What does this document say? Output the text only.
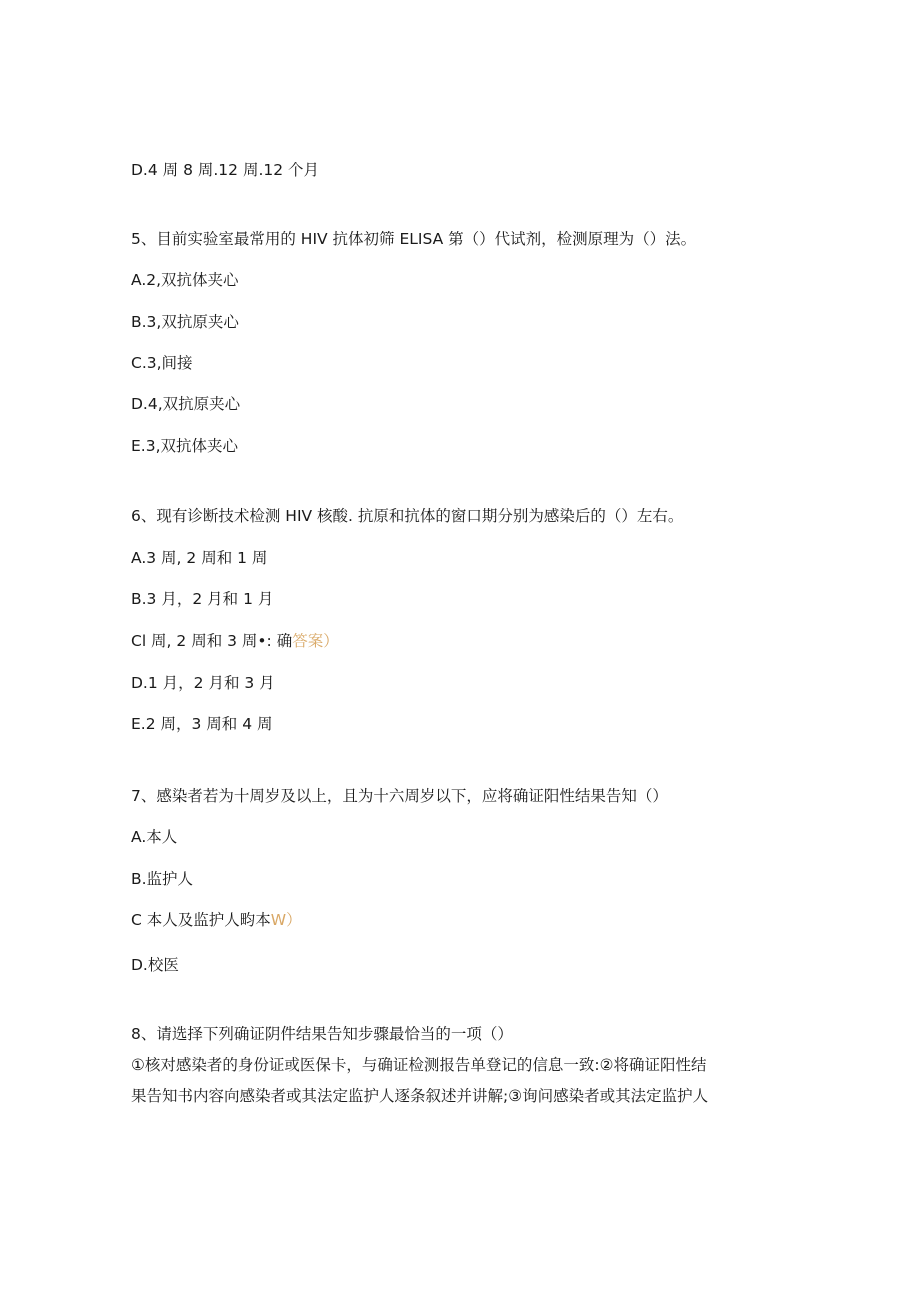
D.4 周 8 周.12 周.12 个月
5、目前实验室最常用的 HIV 抗体初筛 ELISA 第（）代试剂，检测原理为（）法。
A.2,双抗体夹心
B.3,双抗原夹心
C.3,间接
D.4,双抗原夹心
E.3,双抗体夹心
6、现有诊断技术检测 HIV 核酸. 抗原和抗体的窗口期分别为感染后的（）左右。
A.3 周, 2 周和 1 周
B.3 月，2 月和 1 月
Cl 周, 2 周和 3 周•: 确答案）
D.1 月，2 月和 3 月
E.2 周，3 周和 4 周
7、感染者若为十周岁及以上，且为十六周岁以下，应将确证阳性结果告知（）
A.本人
B.监护人
C 本人及监护人畇本W）
D.校医
8、请选择下列确证阴件结果告知步骤最恰当的一项（）
①核对感染者的身份证或医保卡，与确证检测报告单登记的信息一致:②将确证阳性结
果告知书内容向感染者或其法定监护人逐条叙述并讲解;③询问感染者或其法定监护人
